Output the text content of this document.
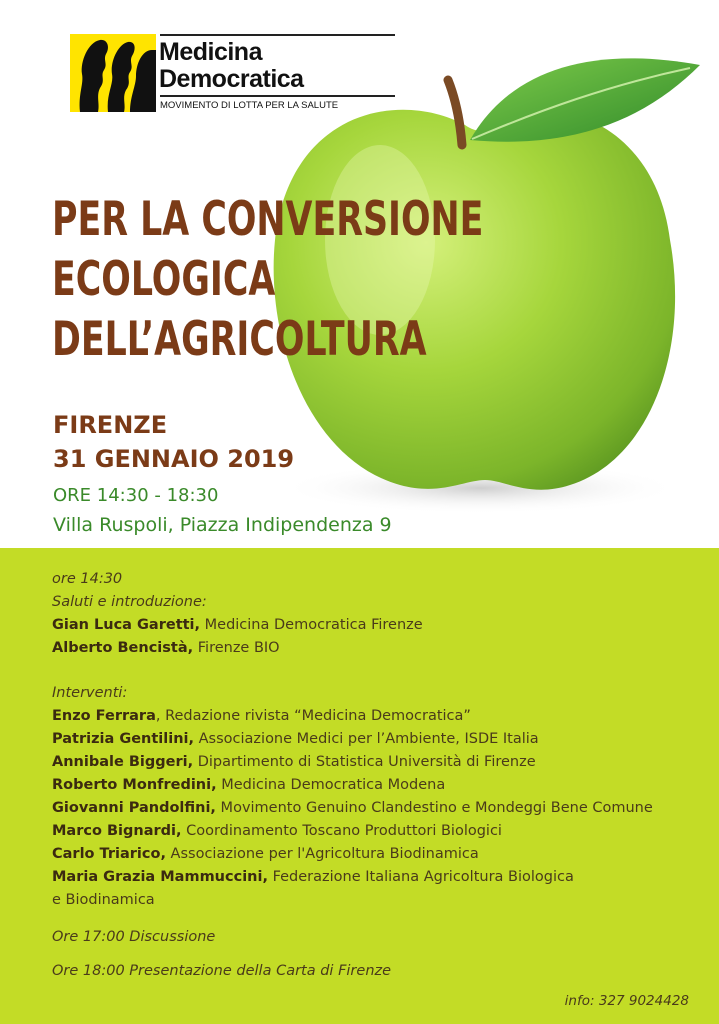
Medicina
Democratica
MOVIMENTO DI LOTTA PER LA SALUTE
PER LA CONVERSIONE
ECOLOGICA
DELL’AGRICOLTURA
FIRENZE
31 GENNAIO 2019
ORE 14:30 - 18:30
Villa Ruspoli, Piazza Indipendenza 9
ore 14:30
Saluti e introduzione:
Gian Luca Garetti, Medicina Democratica Firenze
Alberto Bencistà, Firenze BIO
Interventi:
Enzo Ferrara, Redazione rivista “Medicina Democratica”
Patrizia Gentilini, Associazione Medici per l’Ambiente, ISDE Italia
Annibale Biggeri, Dipartimento di Statistica Università di Firenze
Roberto Monfredini, Medicina Democratica Modena
Giovanni Pandolfini, Movimento Genuino Clandestino e Mondeggi Bene Comune
Marco Bignardi, Coordinamento Toscano Produttori Biologici
Carlo Triarico, Associazione per l'Agricoltura Biodinamica
Maria Grazia Mammuccini, Federazione Italiana Agricoltura Biologica
e Biodinamica
Ore 17:00 Discussione
Ore 18:00 Presentazione della Carta di Firenze
info: 327 9024428
